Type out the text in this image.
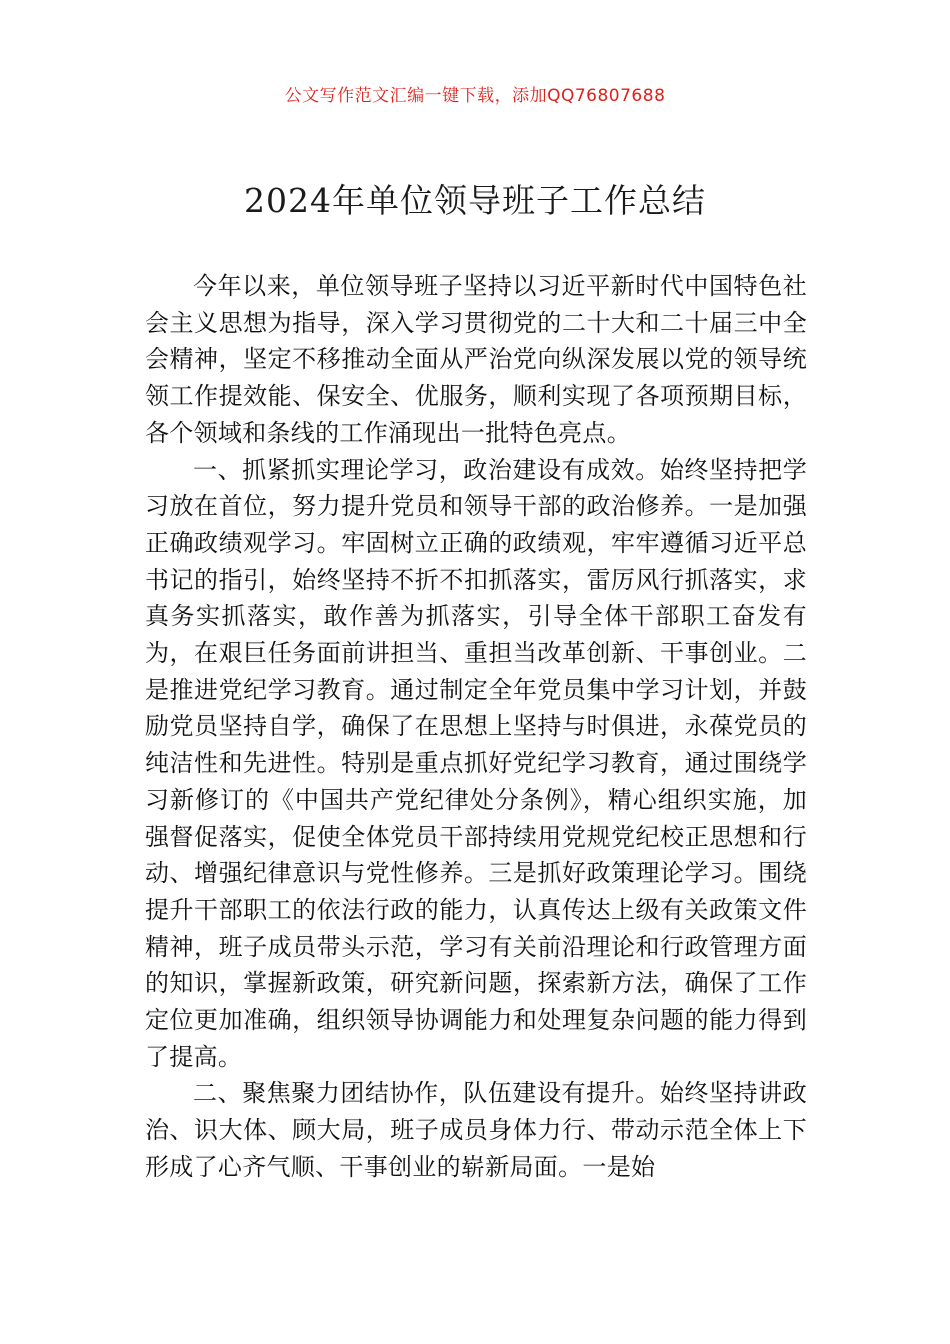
公文写作范文汇编一键下载，添加QQ76807688
2024年单位领导班子工作总结

今年以来，单位领导班子坚持以习近平新时代中国特色社会主义思想为指导，深入学习贯彻党的二十大和二十届三中全会精神，坚定不移推动全面从严治党向纵深发展以党的领导统领工作提效能、保安全、优服务，顺利实现了各项预期目标，各个领域和条线的工作涌现出一批特色亮点。

一、抓紧抓实理论学习，政治建设有成效。始终坚持把学习放在首位，努力提升党员和领导干部的政治修养。一是加强正确政绩观学习。牢固树立正确的政绩观，牢牢遵循习近平总书记的指引，始终坚持不折不扣抓落实，雷厉风行抓落实，求真务实抓落实，敢作善为抓落实，引导全体干部职工奋发有为，在艰巨任务面前讲担当、重担当改革创新、干事创业。二是推进党纪学习教育。通过制定全年党员集中学习计划，并鼓励党员坚持自学，确保了在思想上坚持与时俱进，永葆党员的纯洁性和先进性。特别是重点抓好党纪学习教育，通过围绕学习新修订的《中国共产党纪律处分条例》，精心组织实施，加强督促落实，促使全体党员干部持续用党规党纪校正思想和行动、增强纪律意识与党性修养。三是抓好政策理论学习。围绕提升干部职工的依法行政的能力，认真传达上级有关政策文件精神，班子成员带头示范，学习有关前沿理论和行政管理方面的知识，掌握新政策，研究新问题，探索新方法，确保了工作定位更加准确，组织领导协调能力和处理复杂问题的能力得到了提高。

二、聚焦聚力团结协作，队伍建设有提升。始终坚持讲政治、识大体、顾大局，班子成员身体力行、带动示范全体上下形成了心齐气顺、干事创业的崭新局面。一是始
